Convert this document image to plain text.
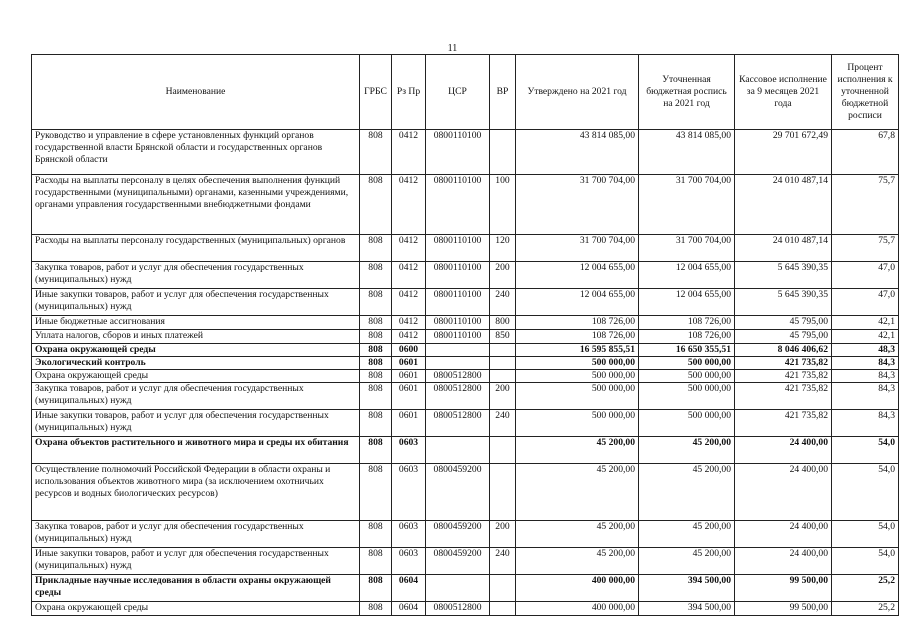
11
Наименование	ГРБС	Рз Пр	ЦСР	ВР	Утверждено на 2021 год	Уточненная бюджетная роспись на 2021 год	Кассовое исполнение за 9 месяцев 2021 года	Процент исполнения к уточненной бюджетной росписи
Руководство и управление в сфере установленных функций органов государственной власти Брянской области и государственных органов Брянской области	808	0412	0800110100		43 814 085,00	43 814 085,00	29 701 672,49	67,8
Расходы на выплаты персоналу в целях обеспечения выполнения функций государственными (муниципальными) органами, казенными учреждениями, органами управления государственными внебюджетными фондами	808	0412	0800110100	100	31 700 704,00	31 700 704,00	24 010 487,14	75,7
Расходы на выплаты персоналу государственных (муниципальных) органов	808	0412	0800110100	120	31 700 704,00	31 700 704,00	24 010 487,14	75,7
Закупка товаров, работ и услуг для обеспечения государственных (муниципальных) нужд	808	0412	0800110100	200	12 004 655,00	12 004 655,00	5 645 390,35	47,0
Иные закупки товаров, работ и услуг для обеспечения государственных (муниципальных) нужд	808	0412	0800110100	240	12 004 655,00	12 004 655,00	5 645 390,35	47,0
Иные бюджетные ассигнования	808	0412	0800110100	800	108 726,00	108 726,00	45 795,00	42,1
Уплата налогов, сборов и иных платежей	808	0412	0800110100	850	108 726,00	108 726,00	45 795,00	42,1
Охрана окружающей среды	808	0600			16 595 855,51	16 650 355,51	8 046 406,62	48,3
Экологический контроль	808	0601			500 000,00	500 000,00	421 735,82	84,3
Охрана окружающей среды	808	0601	0800512800		500 000,00	500 000,00	421 735,82	84,3
Закупка товаров, работ и услуг для обеспечения государственных (муниципальных) нужд	808	0601	0800512800	200	500 000,00	500 000,00	421 735,82	84,3
Иные закупки товаров, работ и услуг для обеспечения государственных (муниципальных) нужд	808	0601	0800512800	240	500 000,00	500 000,00	421 735,82	84,3
Охрана объектов растительного и животного мира и среды их обитания	808	0603			45 200,00	45 200,00	24 400,00	54,0
Осуществление полномочий Российской Федерации в области охраны и использования объектов животного мира (за исключением охотничьих ресурсов и водных биологических ресурсов)	808	0603	0800459200		45 200,00	45 200,00	24 400,00	54,0
Закупка товаров, работ и услуг для обеспечения государственных (муниципальных) нужд	808	0603	0800459200	200	45 200,00	45 200,00	24 400,00	54,0
Иные закупки товаров, работ и услуг для обеспечения государственных (муниципальных) нужд	808	0603	0800459200	240	45 200,00	45 200,00	24 400,00	54,0
Прикладные научные исследования в области охраны окружающей среды	808	0604			400 000,00	394 500,00	99 500,00	25,2
Охрана окружающей среды	808	0604	0800512800		400 000,00	394 500,00	99 500,00	25,2
